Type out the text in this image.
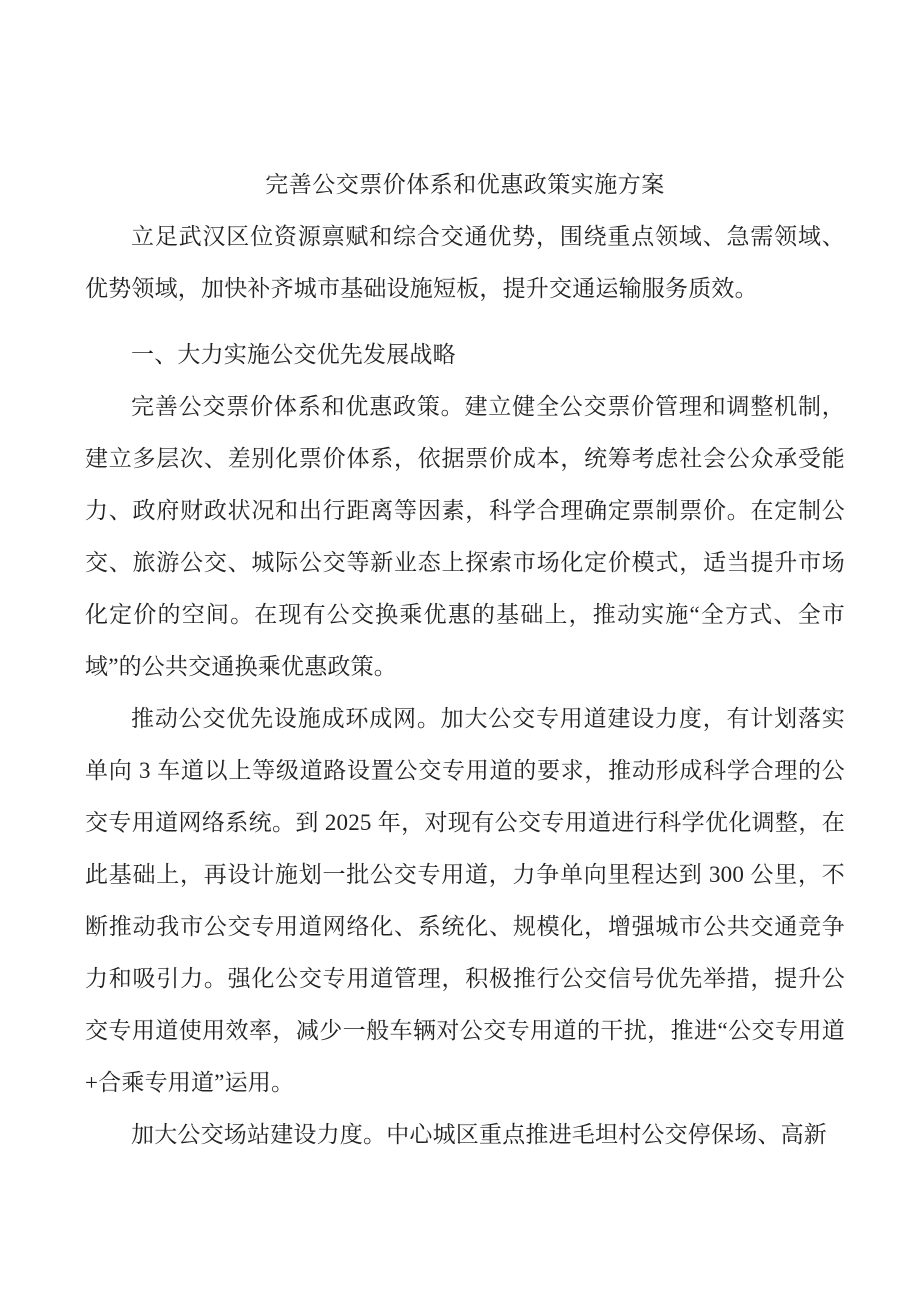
完善公交票价体系和优惠政策实施方案

立足武汉区位资源禀赋和综合交通优势，围绕重点领域、急需领域、优势领域，加快补齐城市基础设施短板，提升交通运输服务质效。

一、大力实施公交优先发展战略

完善公交票价体系和优惠政策。建立健全公交票价管理和调整机制，建立多层次、差别化票价体系，依据票价成本，统筹考虑社会公众承受能力、政府财政状况和出行距离等因素，科学合理确定票制票价。在定制公交、旅游公交、城际公交等新业态上探索市场化定价模式，适当提升市场化定价的空间。在现有公交换乘优惠的基础上，推动实施“全方式、全市域”的公共交通换乘优惠政策。

推动公交优先设施成环成网。加大公交专用道建设力度，有计划落实单向 3 车道以上等级道路设置公交专用道的要求，推动形成科学合理的公交专用道网络系统。到 2025 年，对现有公交专用道进行科学优化调整，在此基础上，再设计施划一批公交专用道，力争单向里程达到 300 公里，不断推动我市公交专用道网络化、系统化、规模化，增强城市公共交通竞争力和吸引力。强化公交专用道管理，积极推行公交信号优先举措，提升公交专用道使用效率，减少一般车辆对公交专用道的干扰，推进“公交专用道+合乘专用道”运用。

加大公交场站建设力度。中心城区重点推进毛坦村公交停保场、高新
